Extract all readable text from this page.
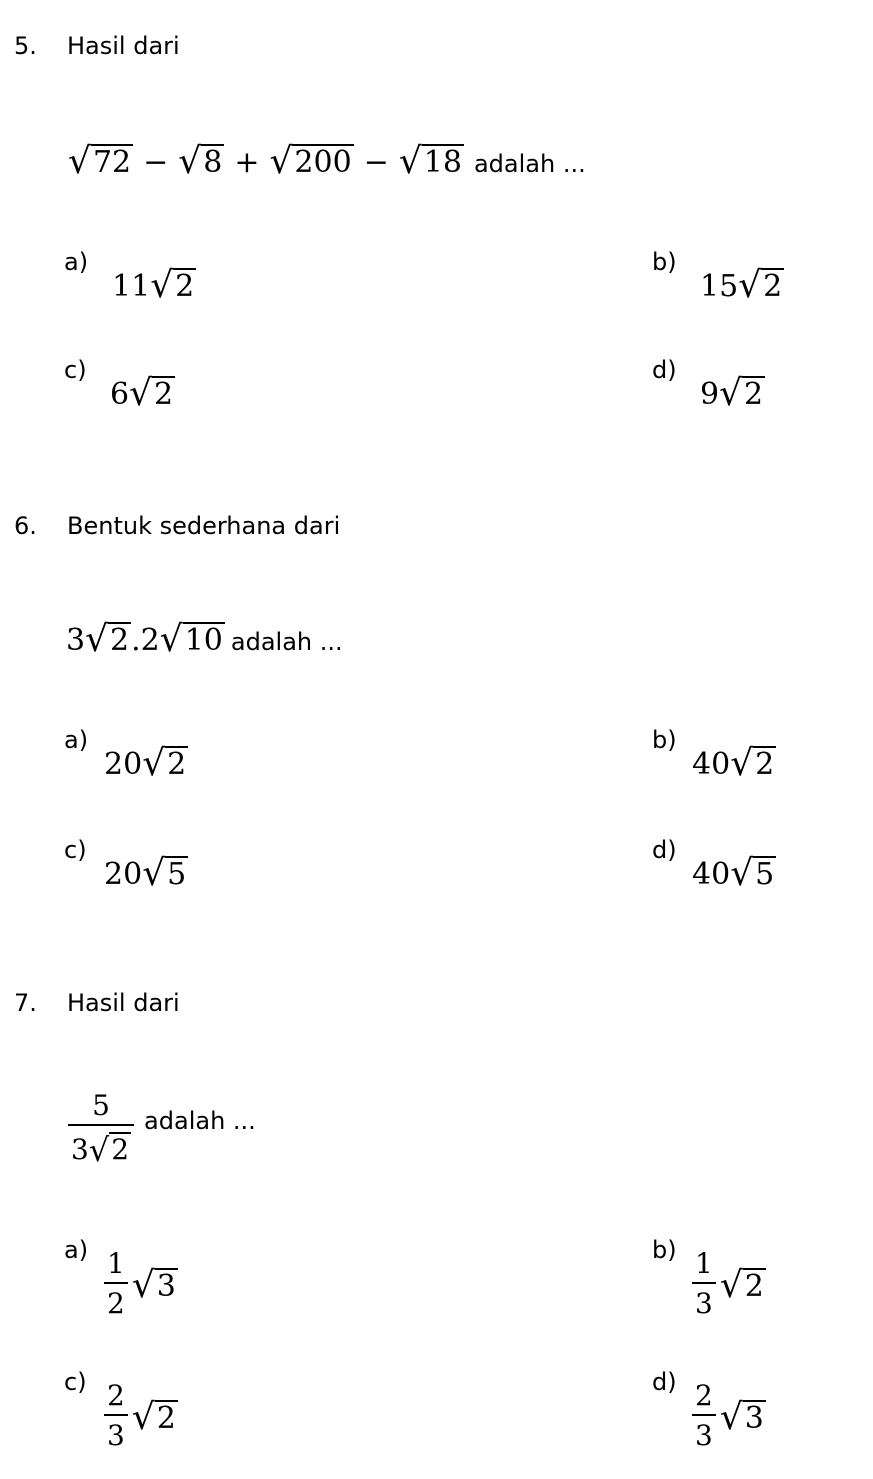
5. Hasil dari
√ 72 − √ 8 + √ 200 − √ 18 adalah ...
a)
11 √ 2
b)
15 √ 2
c)
6 √ 2
d)
9 √ 2
6. Bentuk sederhana dari
3 √ 2 .2 √ 10 adalah ...
a)
20 √ 2
b)
40 √ 2
c)
20 √ 5
d)
40 √ 5
7. Hasil dari
$\frac{5}{3 √ 2}$ adalah ...
$a) \frac{1}{2}$ √ 3
$b) \frac{1}{3}$ √ 2
$c) \frac{2}{3}$ √ 2
$d) \frac{2}{3}$ √ 3
